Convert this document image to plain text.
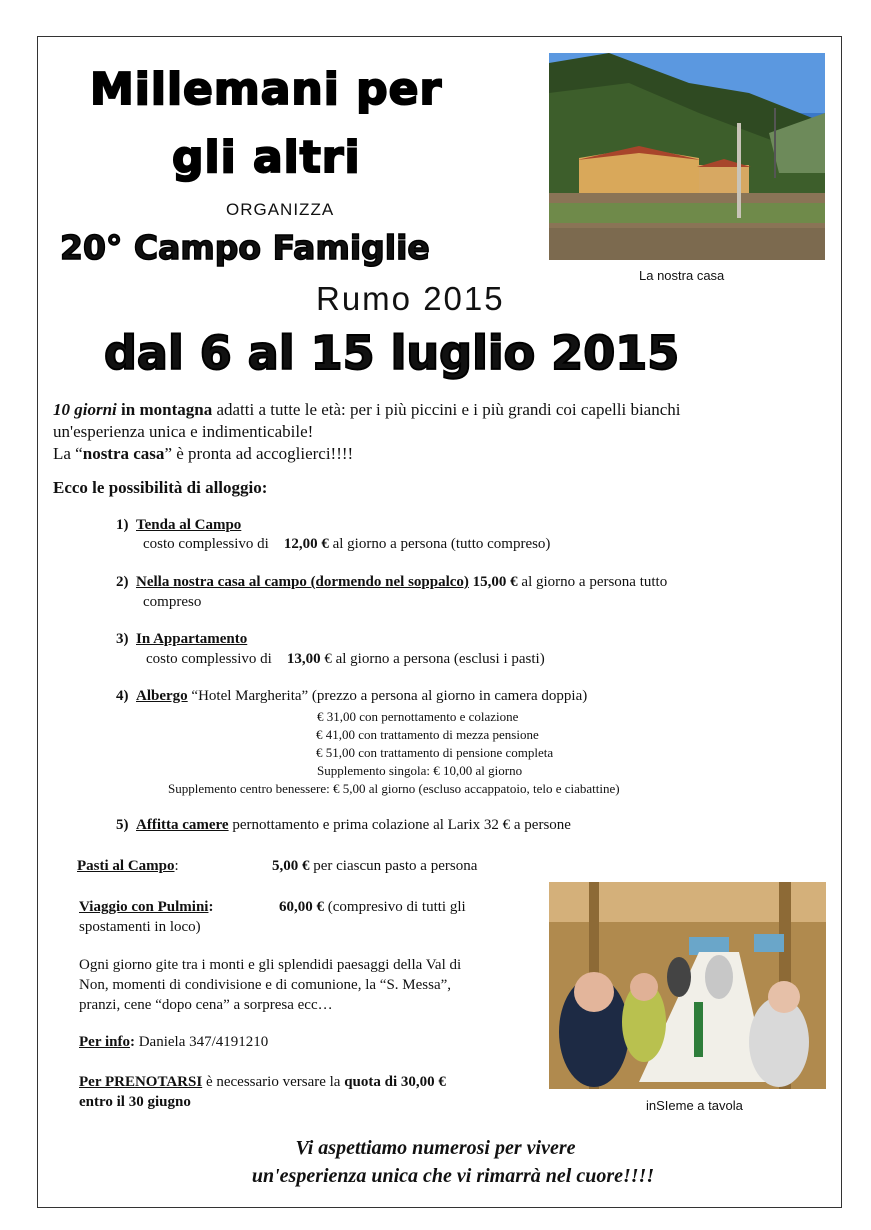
Millemani per
gli altri
ORGANIZZA
20° Campo Famiglie
Rumo 2015
dal 6 al 15 luglio 2015
La nostra casa
10 giorni in montagna adatti a tutte le età: per i più piccini e i più grandi coi capelli bianchi
un'esperienza unica e indimenticabile!
La “nostra casa” è pronta ad accoglierci!!!!
Ecco le possibilità di alloggio:
1) Tenda al Campo
costo complessivo di 12,00 € al giorno a persona (tutto compreso)
2) Nella nostra casa al campo (dormendo nel soppalco) 15,00 € al giorno a persona tutto
compreso
3) In Appartamento
costo complessivo di 13,00 € al giorno a persona (esclusi i pasti)
4) Albergo “Hotel Margherita” (prezzo a persona al giorno in camera doppia)
€ 31,00 con pernottamento e colazione
€ 41,00 con trattamento di mezza pensione
€ 51,00 con trattamento di pensione completa
Supplemento singola: € 10,00 al giorno
Supplemento centro benessere: € 5,00 al giorno (escluso accappatoio, telo e ciabattine)
5) Affitta camere pernottamento e prima colazione al Larix 32 € a persone
Pasti al Campo:	5,00 € per ciascun pasto a persona
Viaggio con Pulmini:	60,00 € (compresivo di tutti gli
spostamenti in loco)
Ogni giorno gite tra i monti e gli splendidi paesaggi della Val di
Non, momenti di condivisione e di comunione, la “S. Messa”,
pranzi, cene “dopo cena” a sorpresa ecc…
Per info: Daniela 347/4191210
Per PRENOTARSI è necessario versare la quota di 30,00 €
entro il 30 giugno	inSIeme a tavola
Vi aspettiamo numerosi per vivere
un'esperienza unica che vi rimarrà nel cuore!!!!
